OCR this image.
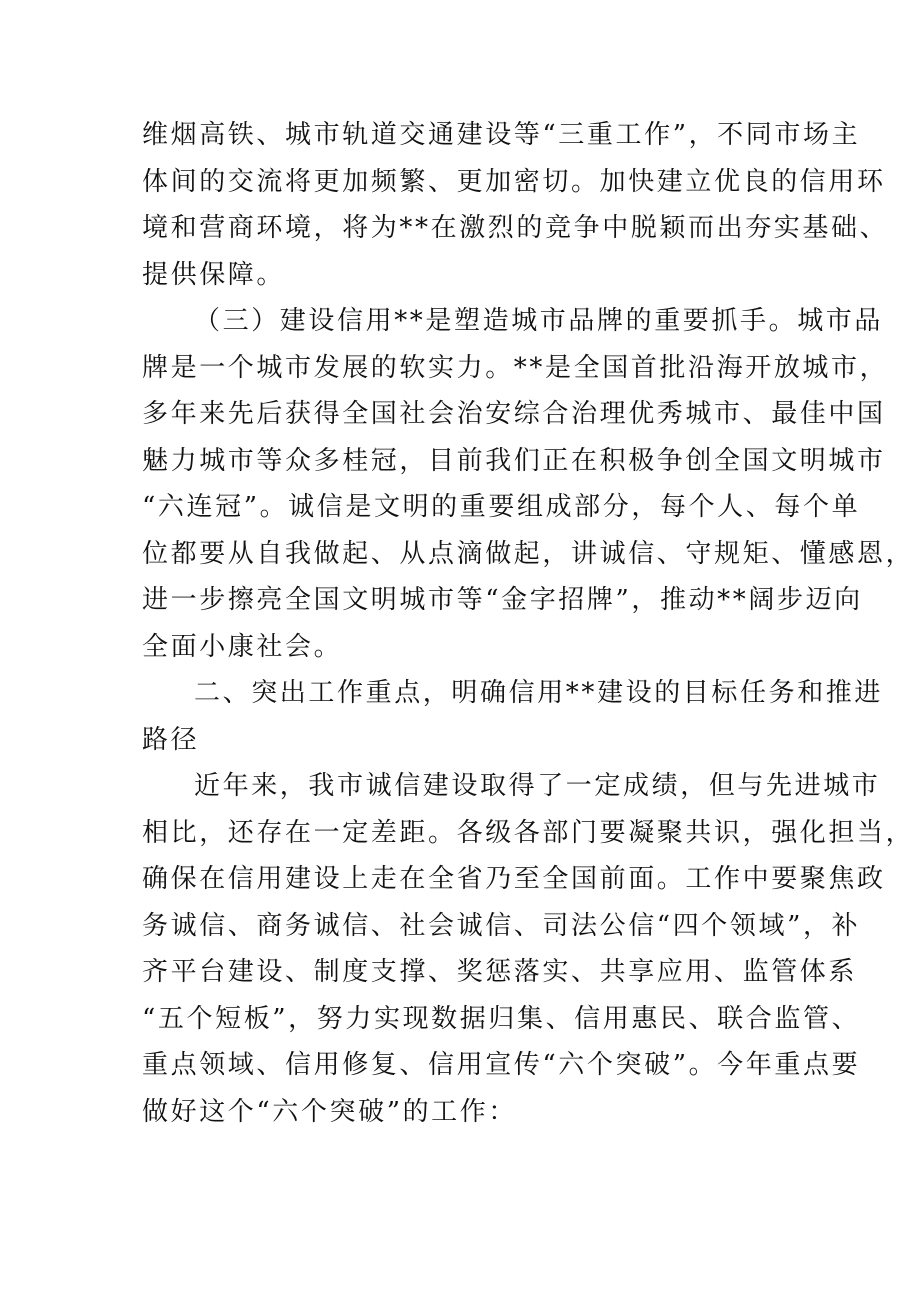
维烟高铁、城市轨道交通建设等“三重工作”，不同市场主
体间的交流将更加频繁、更加密切。加快建立优良的信用环
境和营商环境，将为**在激烈的竞争中脱颖而出夯实基础、
提供保障。
（三）建设信用**是塑造城市品牌的重要抓手。城市品
牌是一个城市发展的软实力。**是全国首批沿海开放城市，
多年来先后获得全国社会治安综合治理优秀城市、最佳中国
魅力城市等众多桂冠，目前我们正在积极争创全国文明城市
“六连冠”。诚信是文明的重要组成部分，每个人、每个单
位都要从自我做起、从点滴做起，讲诚信、守规矩、懂感恩，
进一步擦亮全国文明城市等“金字招牌”，推动**阔步迈向
全面小康社会。
二、突出工作重点，明确信用**建设的目标任务和推进
路径
近年来，我市诚信建设取得了一定成绩，但与先进城市
相比，还存在一定差距。各级各部门要凝聚共识，强化担当，
确保在信用建设上走在全省乃至全国前面。工作中要聚焦政
务诚信、商务诚信、社会诚信、司法公信“四个领域”，补
齐平台建设、制度支撑、奖惩落实、共享应用、监管体系
“五个短板”，努力实现数据归集、信用惠民、联合监管、
重点领域、信用修复、信用宣传“六个突破”。今年重点要
做好这个“六个突破”的工作：
